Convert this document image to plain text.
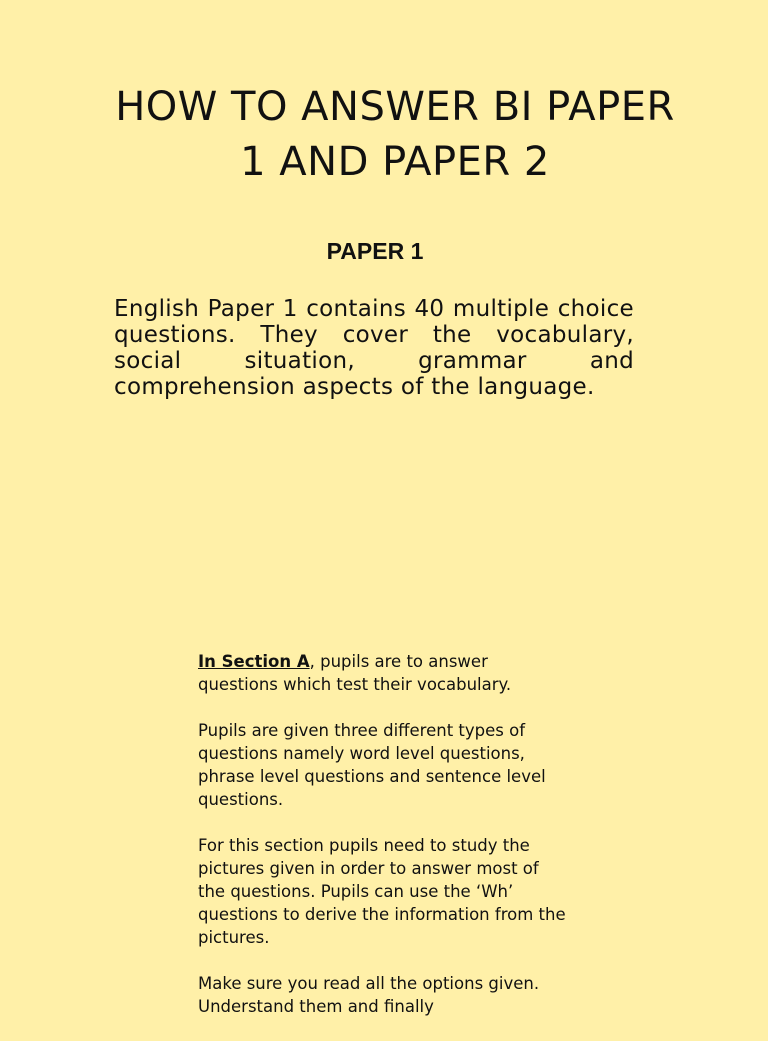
HOW TO ANSWER BI PAPER
1 AND PAPER 2
PAPER 1

English Paper 1 contains 40 multiple choice questions. They cover the vocabulary, social situation, grammar and comprehension aspects of the language.

In Section A, pupils are to answer questions which test their vocabulary.

Pupils are given three different types of questions namely word level questions, phrase level questions and sentence level questions.

For this section pupils need to study the pictures given in order to answer most of the questions. Pupils can use the ‘Wh’ questions to derive the information from the pictures.

Make sure you read all the options given. Understand them and finally
